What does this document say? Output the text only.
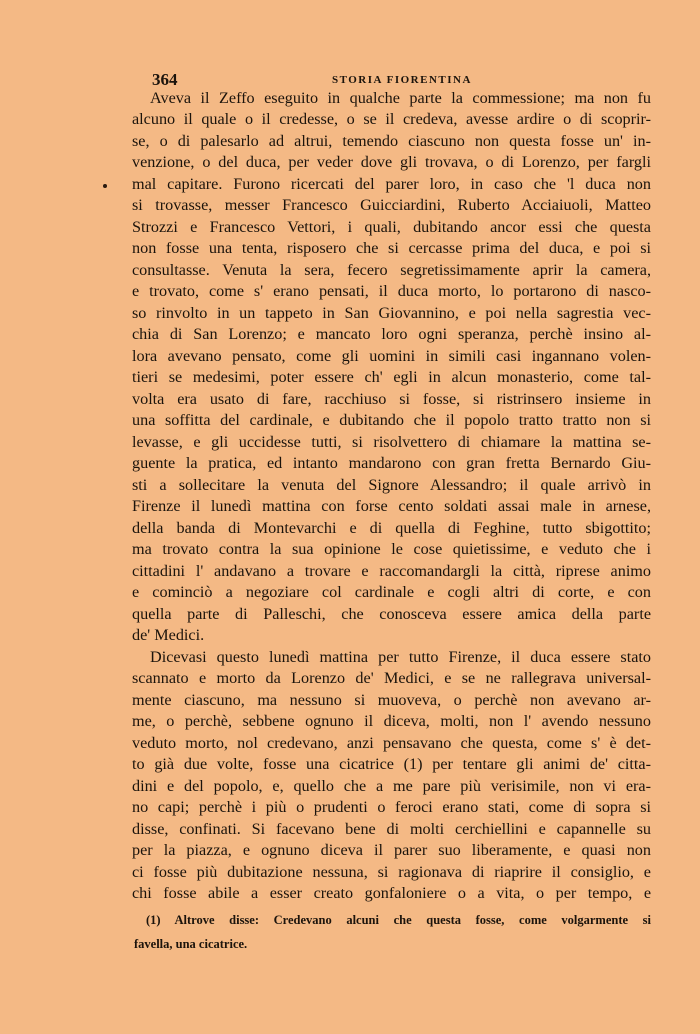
364	STORIA FIORENTINA
Aveva il Zeffo eseguito in qualche parte la commessione; ma non fu
alcuno il quale o il credesse, o se il credeva, avesse ardire o di scoprir-
se, o di palesarlo ad altrui, temendo ciascuno non questa fosse un' in-
venzione, o del duca, per veder dove gli trovava, o di Lorenzo, per fargli
mal capitare. Furono ricercati del parer loro, in caso che 'l duca non
si trovasse, messer Francesco Guicciardini, Ruberto Acciaiuoli, Matteo
Strozzi e Francesco Vettori, i quali, dubitando ancor essi che questa
non fosse una tenta, risposero che si cercasse prima del duca, e poi si
consultasse. Venuta la sera, fecero segretissimamente aprir la camera,
e trovato, come s' erano pensati, il duca morto, lo portarono di nasco-
so rinvolto in un tappeto in San Giovannino, e poi nella sagrestia vec-
chia di San Lorenzo; e mancato loro ogni speranza, perchè insino al-
lora avevano pensato, come gli uomini in simili casi ingannano volen-
tieri se medesimi, poter essere ch' egli in alcun monasterio, come tal-
volta era usato di fare, racchiuso si fosse, si ristrinsero insieme in
una soffitta del cardinale, e dubitando che il popolo tratto tratto non si
levasse, e gli uccidesse tutti, si risolvettero di chiamare la mattina se-
guente la pratica, ed intanto mandarono con gran fretta Bernardo Giu-
sti a sollecitare la venuta del Signore Alessandro; il quale arrivò in
Firenze il lunedì mattina con forse cento soldati assai male in arnese,
della banda di Montevarchi e di quella di Feghine, tutto sbigottito;
ma trovato contra la sua opinione le cose quietissime, e veduto che i
cittadini l' andavano a trovare e raccomandargli la città, riprese animo
e cominciò a negoziare col cardinale e cogli altri di corte, e con
quella parte di Palleschi, che conosceva essere amica della parte
de' Medici.
Dicevasi questo lunedì mattina per tutto Firenze, il duca essere stato
scannato e morto da Lorenzo de' Medici, e se ne rallegrava universal-
mente ciascuno, ma nessuno si muoveva, o perchè non avevano ar-
me, o perchè, sebbene ognuno il diceva, molti, non l' avendo nessuno
veduto morto, nol credevano, anzi pensavano che questa, come s' è det-
to già due volte, fosse una cicatrice (1) per tentare gli animi de' citta-
dini e del popolo, e, quello che a me pare più verisimile, non vi era-
no capi; perchè i più o prudenti o feroci erano stati, come di sopra si
disse, confinati. Si facevano bene di molti cerchiellini e capannelle su
per la piazza, e ognuno diceva il parer suo liberamente, e quasi non
ci fosse più dubitazione nessuna, si ragionava di riaprire il consiglio, e
chi fosse abile a esser creato gonfaloniere o a vita, o per tempo, e
(1) Altrove disse: Credevano alcuni che questa fosse, come volgarmente si
favella, una cicatrice.
